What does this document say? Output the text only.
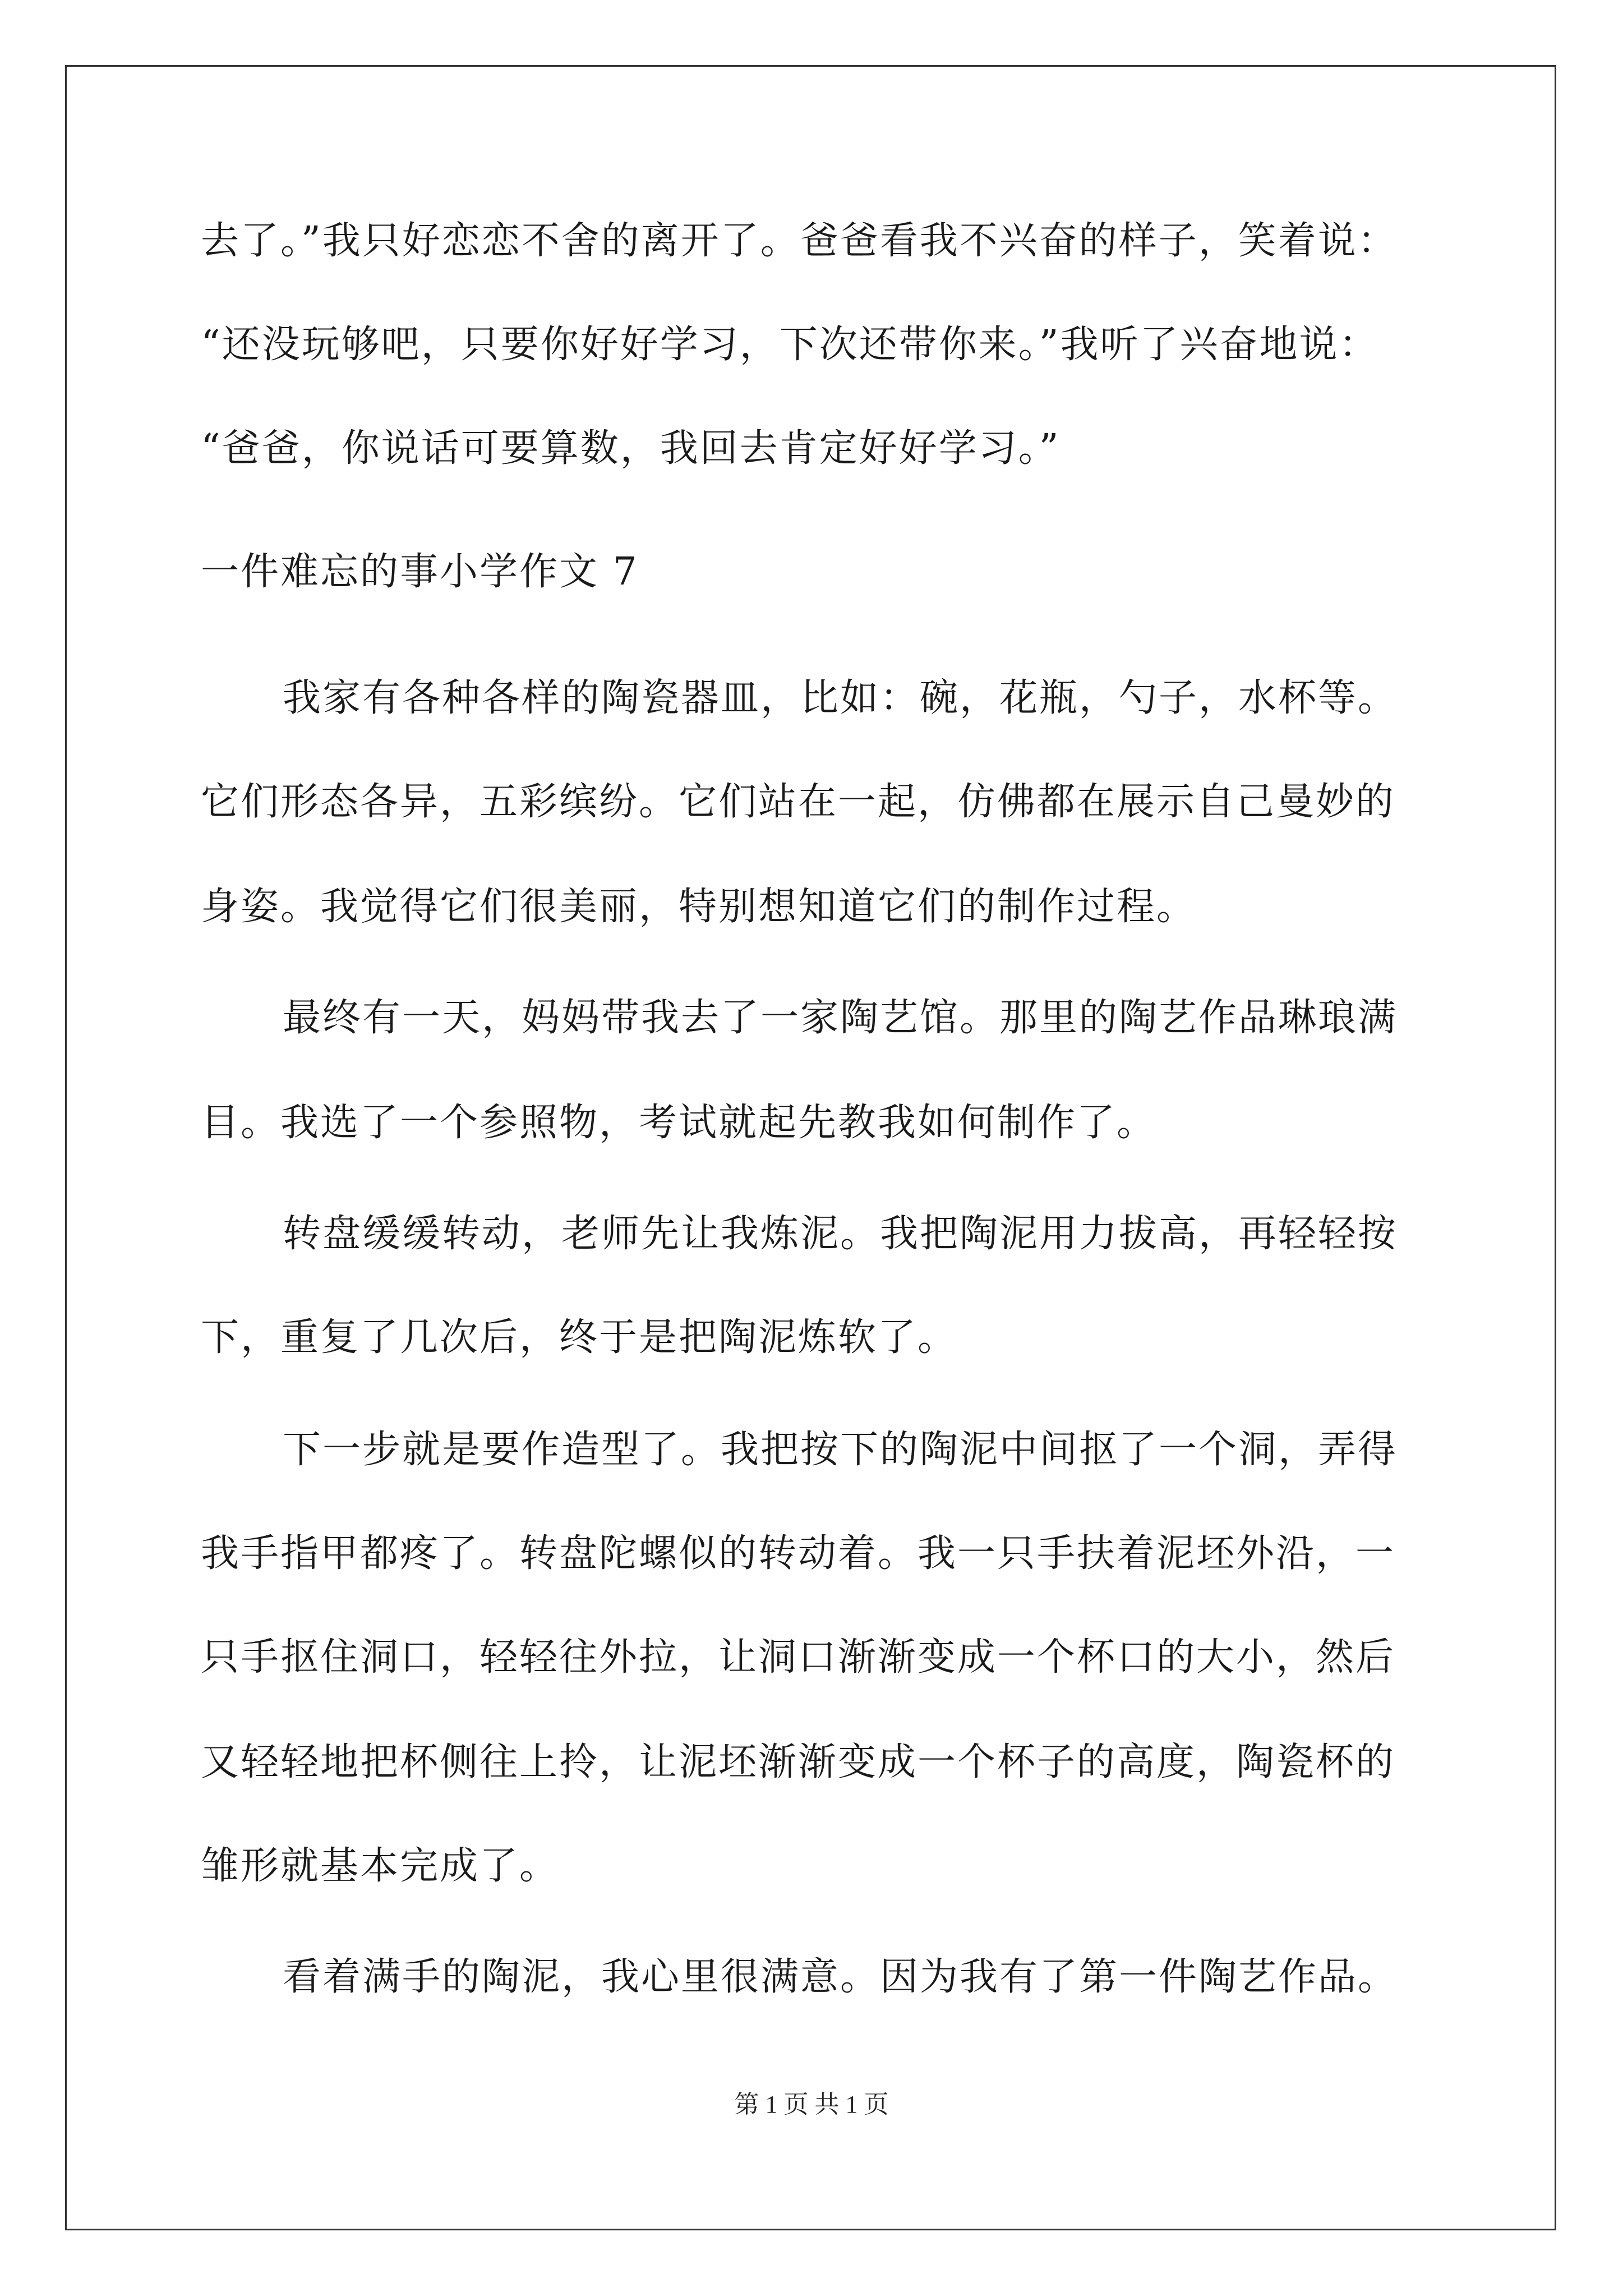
去了。”我只好恋恋不舍的离开了。爸爸看我不兴奋的样子，笑着说：
“还没玩够吧，只要你好好学习，下次还带你来。”我听了兴奋地说：
“爸爸，你说话可要算数，我回去肯定好好学习。”
一件难忘的事小学作文 7
我家有各种各样的陶瓷器皿，比如：碗，花瓶，勺子，水杯等。
它们形态各异，五彩缤纷。它们站在一起，仿佛都在展示自己曼妙的
身姿。我觉得它们很美丽，特别想知道它们的制作过程。
最终有一天，妈妈带我去了一家陶艺馆。那里的陶艺作品琳琅满
目。我选了一个参照物，考试就起先教我如何制作了。
转盘缓缓转动，老师先让我炼泥。我把陶泥用力拔高，再轻轻按
下，重复了几次后，终于是把陶泥炼软了。
下一步就是要作造型了。我把按下的陶泥中间抠了一个洞，弄得
我手指甲都疼了。转盘陀螺似的转动着。我一只手扶着泥坯外沿，一
只手抠住洞口，轻轻往外拉，让洞口渐渐变成一个杯口的大小，然后
又轻轻地把杯侧往上拎，让泥坯渐渐变成一个杯子的高度，陶瓷杯的
雏形就基本完成了。
看着满手的陶泥，我心里很满意。因为我有了第一件陶艺作品。
第 1 页 共 1 页
